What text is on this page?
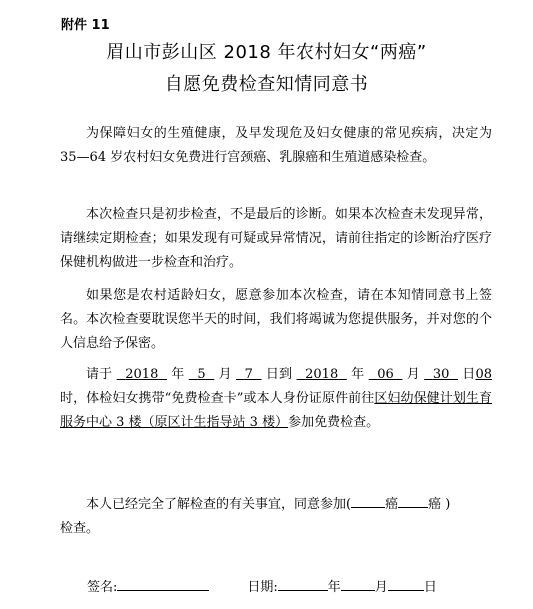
附件 11
眉山市彭山区 2018 年农村妇女“两癌”
自愿免费检查知情同意书

为保障妇女的生殖健康，及早发现危及妇女健康的常见疾病，决定为 35—64 岁农村妇女免费进行宫颈癌、乳腺癌和生殖道感染检查。

本次检查只是初步检查，不是最后的诊断。如果本次检查未发现异常，请继续定期检查；如果发现有可疑或异常情况，请前往指定的诊断治疗医疗保健机构做进一步检查和治疗。

如果您是农村适龄妇女，愿意参加本次检查，请在本知情同意书上签名。本次检查要耽误您半天的时间，我们将竭诚为您提供服务，并对您的个人信息给予保密。

请于 2018 年 5 月 7 日到 2018 年 06 月 30 日08时，体检妇女携带“免费检查卡”或本人身份证原件前往区妇幼保健计划生育服务中心 3 楼（原区计生指导站 3 楼）参加免费检查。

本人已经完全了解检查的有关事宜，同意参加(	癌 癌 )
检查。

签名:	日期:	年	月	日
